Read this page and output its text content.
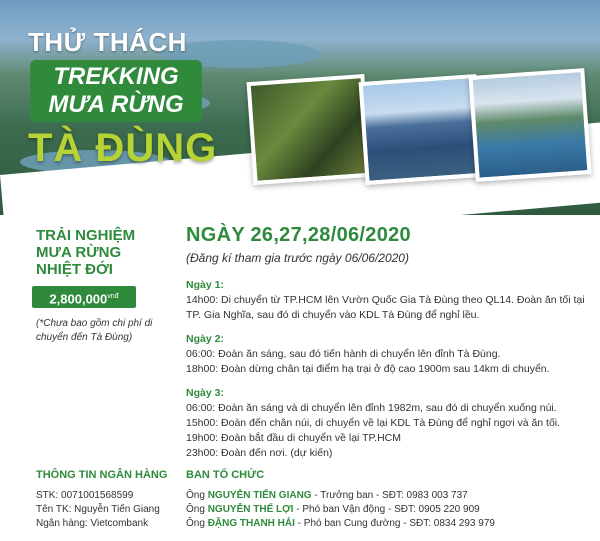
THỬ THÁCH
TREKKING
MƯA RỪNG
TÀ ĐÙNG
TRẢI NGHIỆM
MƯA RỪNG
NHIỆT ĐỚI
$2,800,000^{vnđ}$
(*Chưa bao gồm chi phí di chuyển đến Tà Đùng)
NGÀY 26,27,28/06/2020
(Đăng kí tham gia trước ngày 06/06/2020)
Ngày 1:
14h00: Di chuyển từ TP.HCM lên Vườn Quốc Gia Tà Đùng theo QL14. Đoàn ăn tối tại TP. Gia Nghĩa, sau đó di chuyển vào KDL Tà Đùng để nghỉ lều.
Ngày 2:
06:00: Đoàn ăn sáng, sau đó tiến hành di chuyển lên đỉnh Tà Đùng.
18h00: Đoàn dừng chân tại điểm hạ trại ở độ cao 1900m sau 14km di chuyển.
Ngày 3:
06:00: Đoàn ăn sáng và di chuyển lên đỉnh 1982m, sau đó di chuyển xuống núi.
15h00: Đoàn đến chân núi, di chuyển về lại KDL Tà Đùng để nghỉ ngơi và ăn tối.
19h00: Đoàn bắt đầu di chuyển về lại TP.HCM
23h00: Đoàn đến nơi. (dự kiến)
THÔNG TIN NGÂN HÀNG
STK: 0071001568599
Tên TK: Nguyễn Tiến Giang
Ngân hàng: Vietcombank
BAN TỔ CHỨC
Ông NGUYỄN TIẾN GIANG - Trưởng ban - SĐT: 0983 003 737
Ông NGUYỄN THẾ LỢI - Phó ban Vận động - SĐT: 0905 220 909
Ông ĐẶNG THANH HẢI - Phó ban Cung đường - SĐT: 0834 293 979
